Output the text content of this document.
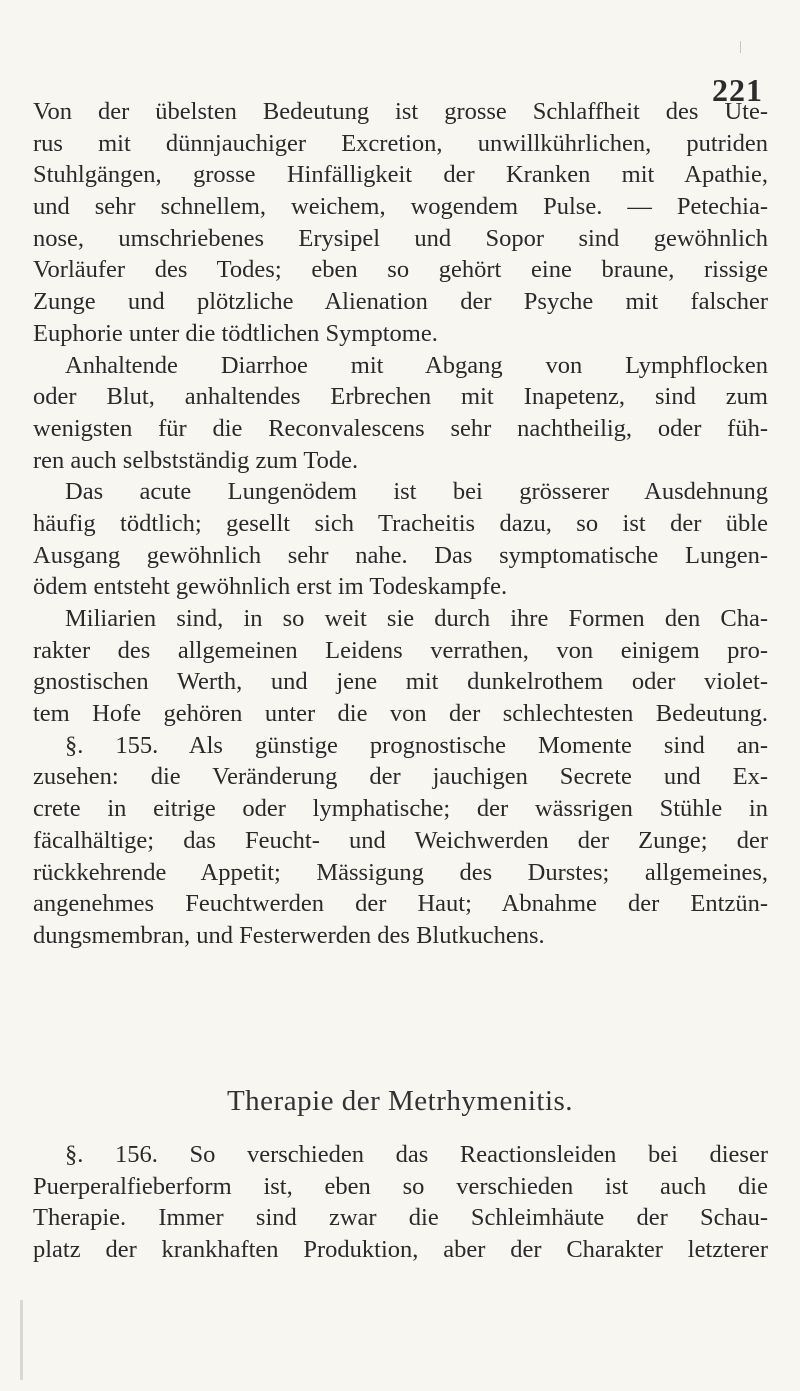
221
Von der übelsten Bedeutung ist grosse Schlaffheit des Ute-
rus mit dünnjauchiger Excretion, unwillkührlichen, putriden
Stuhlgängen, grosse Hinfälligkeit der Kranken mit Apathie,
und sehr schnellem, weichem, wogendem Pulse. — Petechia-
nose, umschriebenes Erysipel und Sopor sind gewöhnlich
Vorläufer des Todes; eben so gehört eine braune, rissige
Zunge und plötzliche Alienation der Psyche mit falscher
Euphorie unter die tödtlichen Symptome.
Anhaltende Diarrhoe mit Abgang von Lymphflocken
oder Blut, anhaltendes Erbrechen mit Inapetenz, sind zum
wenigsten für die Reconvalescens sehr nachtheilig, oder füh-
ren auch selbstständig zum Tode.
Das acute Lungenödem ist bei grösserer Ausdehnung
häufig tödtlich; gesellt sich Tracheitis dazu, so ist der üble
Ausgang gewöhnlich sehr nahe. Das symptomatische Lungen-
ödem entsteht gewöhnlich erst im Todeskampfe.
Miliarien sind, in so weit sie durch ihre Formen den Cha-
rakter des allgemeinen Leidens verrathen, von einigem pro-
gnostischen Werth, und jene mit dunkelrothem oder violet-
tem Hofe gehören unter die von der schlechtesten Bedeutung.
§. 155. Als günstige prognostische Momente sind an-
zusehen: die Veränderung der jauchigen Secrete und Ex-
crete in eitrige oder lymphatische; der wässrigen Stühle in
fäcalhältige; das Feucht- und Weichwerden der Zunge; der
rückkehrende Appetit; Mässigung des Durstes; allgemeines,
angenehmes Feuchtwerden der Haut; Abnahme der Entzün-
dungsmembran, und Festerwerden des Blutkuchens.
Therapie der Metrhymenitis.
§. 156. So verschieden das Reactionsleiden bei dieser
Puerperalfieberform ist, eben so verschieden ist auch die
Therapie. Immer sind zwar die Schleimhäute der Schau-
platz der krankhaften Produktion, aber der Charakter letzterer
